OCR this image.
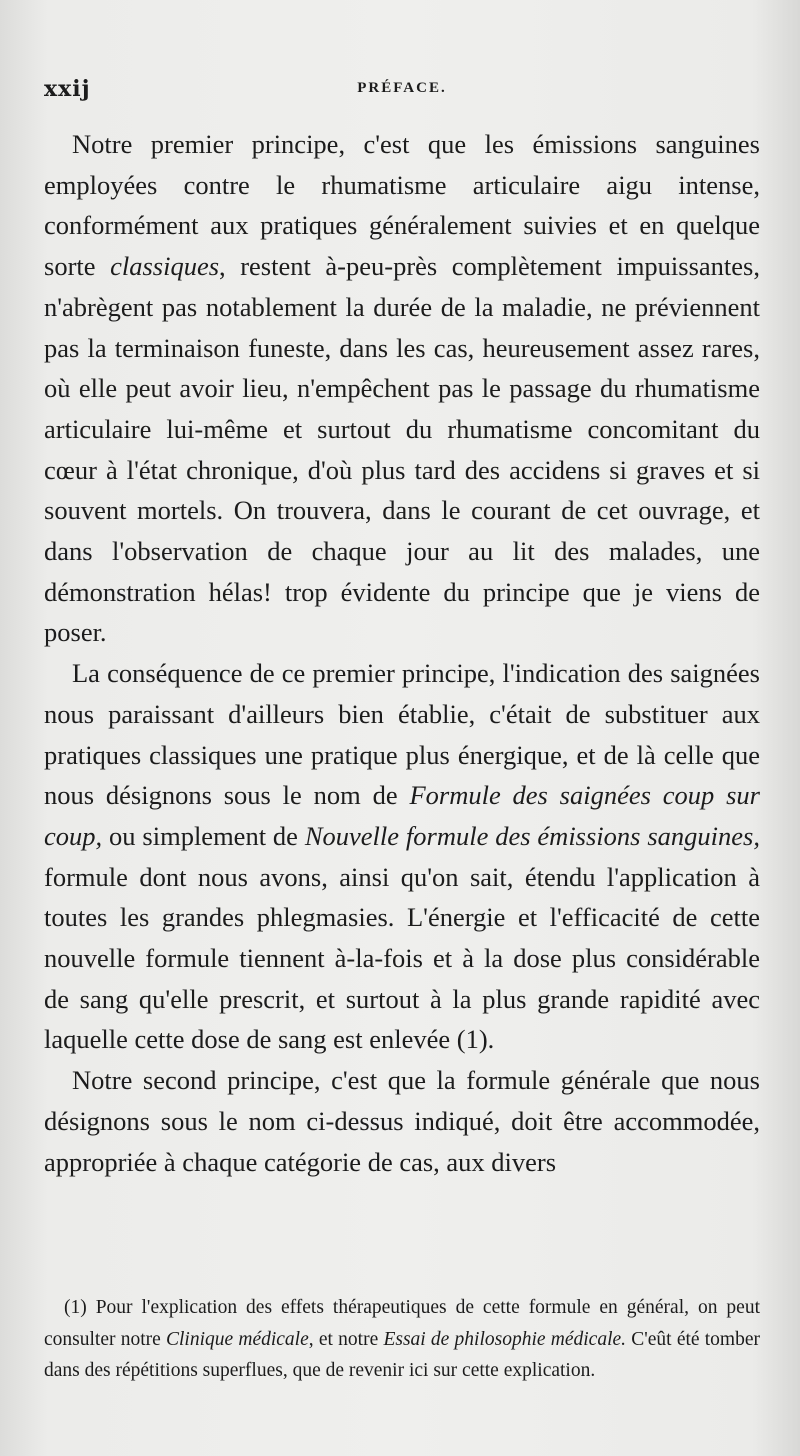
xxij	PRÉFACE.

Notre premier principe, c'est que les émissions sanguines employées contre le rhumatisme articulaire aigu intense, conformément aux pratiques généralement suivies et en quelque sorte classiques, restent à-peu-près complètement impuissantes, n'abrègent pas notablement la durée de la maladie, ne préviennent pas la terminaison funeste, dans les cas, heureusement assez rares, où elle peut avoir lieu, n'empêchent pas le passage du rhumatisme articulaire lui-même et surtout du rhumatisme concomitant du cœur à l'état chronique, d'où plus tard des accidens si graves et si souvent mortels. On trouvera, dans le courant de cet ouvrage, et dans l'observation de chaque jour au lit des malades, une démonstration hélas! trop évidente du principe que je viens de poser.

La conséquence de ce premier principe, l'indication des saignées nous paraissant d'ailleurs bien établie, c'était de substituer aux pratiques classiques une pratique plus énergique, et de là celle que nous désignons sous le nom de Formule des saignées coup sur coup, ou simplement de Nouvelle formule des émissions sanguines, formule dont nous avons, ainsi qu'on sait, étendu l'application à toutes les grandes phlegmasies. L'énergie et l'efficacité de cette nouvelle formule tiennent à-la-fois et à la dose plus considérable de sang qu'elle prescrit, et surtout à la plus grande rapidité avec laquelle cette dose de sang est enlevée (1).

Notre second principe, c'est que la formule générale que nous désignons sous le nom ci-dessus indiqué, doit être accommodée, appropriée à chaque catégorie de cas, aux divers

(1) Pour l'explication des effets thérapeutiques de cette formule en général, on peut consulter notre Clinique médicale, et notre Essai de philosophie médicale. C'eût été tomber dans des répétitions superflues, que de revenir ici sur cette explication.
